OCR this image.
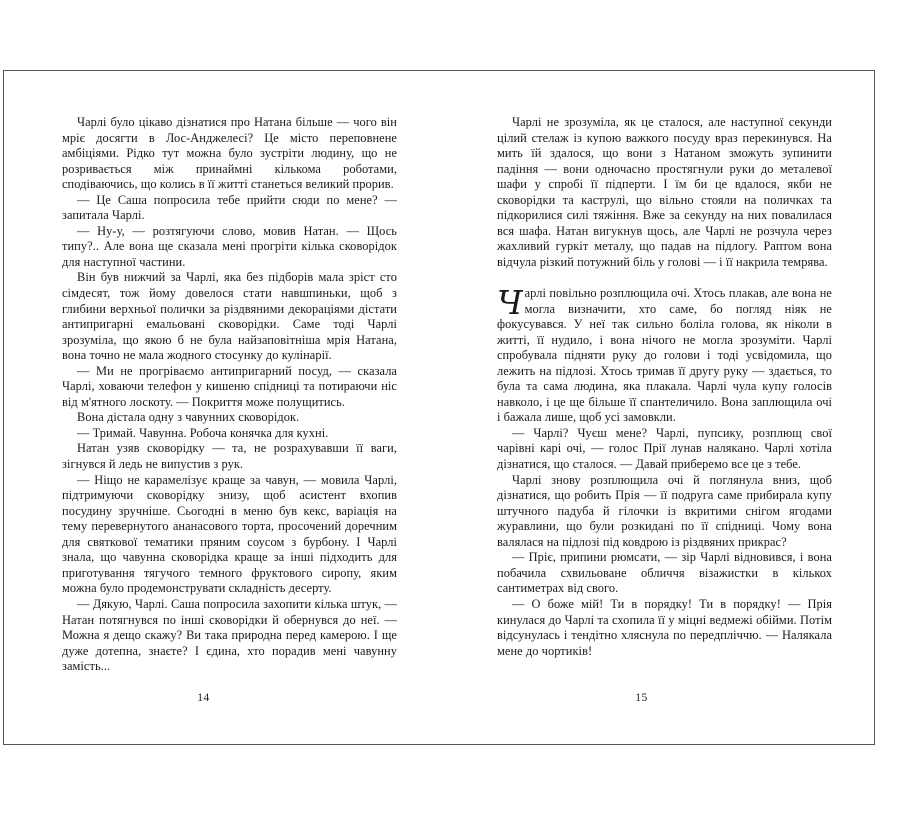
Чарлі було цікаво дізнатися про Натана більше — чого він мріє досягти в Лос-Анджелесі? Це місто переповнене амбіціями. Рідко тут можна було зустріти людину, що не розривається між принаймні кількома роботами, сподіваючись, що колись в її житті станеться великий прорив.

— Це Саша попросила тебе прийти сюди по мене? — запитала Чарлі.

— Ну-у, — розтягуючи слово, мовив Натан. — Щось типу?.. Але вона ще сказала мені прогріти кілька сковорідок для наступної частини.

Він був нижчий за Чарлі, яка без підборів мала зріст сто сімдесят, тож йому довелося стати навшпиньки, щоб з глибини верхньої полички за різдвяними декораціями дістати антипригарні емальовані сковорідки. Саме тоді Чарлі зрозуміла, що якою б не була найзаповітніша мрія Натана, вона точно не мала жодного стосунку до кулінарії.

— Ми не прогріваємо антипригарний посуд, — сказала Чарлі, ховаючи телефон у кишеню спідниці та потираючи ніс від м'ятного лоскоту. — Покриття може полущитись.

Вона дістала одну з чавунних сковорідок.

— Тримай. Чавунна. Робоча конячка для кухні.

Натан узяв сковорідку — та, не розрахувавши її ваги, зігнувся й ледь не випустив з рук.

— Ніщо не карамелізує краще за чавун, — мовила Чарлі, підтримуючи сковорідку знизу, щоб асистент вхопив посудину зручніше. Сьогодні в меню був кекс, варіація на тему перевернутого ананасового торта, просочений доречним для святкової тематики пряним соусом з бурбону. І Чарлі знала, що чавунна сковорідка краще за інші підходить для приготування тягучого темного фруктового сиропу, яким можна було продемонструвати складність десерту.

— Дякую, Чарлі. Саша попросила захопити кілька штук, — Натан потягнувся по інші сковорідки й обернувся до неї. — Можна я дещо скажу? Ви така природна перед камерою. І ще дуже дотепна, знаєте? І єдина, хто порадив мені чавунну замість...

14

Чарлі не зрозуміла, як це сталося, але наступної секунди цілий стелаж із купою важкого посуду враз перекинувся. На мить їй здалося, що вони з Натаном зможуть зупинити падіння — вони одночасно простягнули руки до металевої шафи у спробі її підперти. І їм би це вдалося, якби не сковорідки та каструлі, що вільно стояли на поличках та підкорилися силі тяжіння. Вже за секунду на них повалилася вся шафа. Натан вигукнув щось, але Чарлі не розчула через жахливий гуркіт металу, що падав на підлогу. Раптом вона відчула різкий потужний біль у голові — і її накрила темрява.

Чарлі повільно розплющила очі. Хтось плакав, але вона не могла визначити, хто саме, бо погляд ніяк не фокусувався. У неї так сильно боліла голова, як ніколи в житті, її нудило, і вона нічого не могла зрозуміти. Чарлі спробувала підняти руку до голови і тоді усвідомила, що лежить на підлозі. Хтось тримав її другу руку — здається, то була та сама людина, яка плакала. Чарлі чула купу голосів навколо, і це ще більше її спантеличило. Вона заплющила очі і бажала лише, щоб усі замовкли.

— Чарлі? Чуєш мене? Чарлі, пупсику, розплющ свої чарівні карі очі, — голос Прії лунав налякано. Чарлі хотіла дізнатися, що сталося. — Давай приберемо все це з тебе.

Чарлі знову розплющила очі й поглянула вниз, щоб дізнатися, що робить Прія — її подруга саме прибирала купу штучного падуба й гілочки із вкритими снігом ягодами журавлини, що були розкидані по її спідниці. Чому вона валялася на підлозі під ковдрою із різдвяних прикрас?

— Пріє, припини рюмсати, — зір Чарлі відновився, і вона побачила схвильоване обличчя візажистки в кількох сантиметрах від свого.

— О боже мій! Ти в порядку! Ти в порядку! — Прія кинулася до Чарлі та схопила її у міцні ведмежі обійми. Потім відсунулась і тендітно хляснула по передпліччю. — Налякала мене до чортиків!

15
